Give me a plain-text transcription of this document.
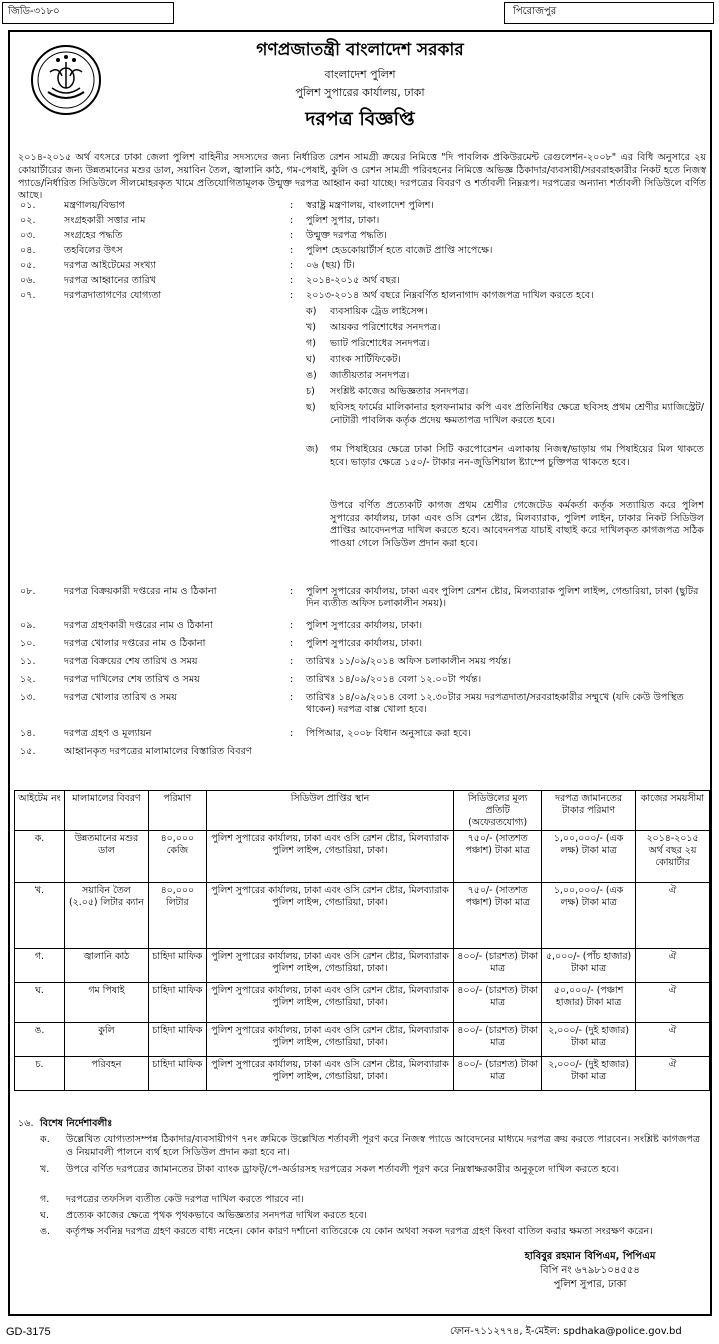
জিডি-৩১৮০	পিরোজপুর
গণপ্রজাতন্ত্রী বাংলাদেশ সরকার
বাংলাদেশ পুলিশ
পুলিশ সুপারের কার্যালয়, ঢাকা
দরপত্র বিজ্ঞপ্তি
২০১৪-২০১৫ অর্থ বৎসরে ঢাকা জেলা পুলিশ বাহিনীর সদস্যদের জন্য নির্ধারিত রেশন সামগ্রী ক্রয়ের নিমিত্তে "দি পাবলিক প্রকিউরমেন্ট রেগুলেশন-২০০৮" এর বিধি অনুসারে ২য় কোয়ার্টারের জন্য উন্নতমানের মশুর ডাল, সয়াবিন তৈল, জ্বালানি কাঠ, গম-পেষাই, কুলি ও রেশন সামগ্রী পরিবহনের নিমিত্তে অভিজ্ঞ ঠিকাদার/ব্যবসায়ী/সরবরাহকারীর নিকট হতে নিজস্ব প্যাডে/নির্ধারিত সিডিউলে সীলমোহরকৃত খামে প্রতিযোগিতামূলক উন্মুক্ত দরপত্র আহ্বান করা যাচ্ছে। দরপত্রের বিবরণ ও শর্তাবলী নিম্নরূপ। দরপত্রের অন্যান্য শর্তাবলী সিডিউলে বর্ণিত আছে।
০১.	মন্ত্রণালয়/বিভাগ	: স্বরাষ্ট্র মন্ত্রণালয়, বাংলাদেশ পুলিশ।
০২.	সংগ্রহকারী সত্তার নাম	: পুলিশ সুপার, ঢাকা।
০৩.	সংগ্রহের পদ্ধতি	: উন্মুক্ত দরপত্র পদ্ধতি।
০৪.	তহবিলের উৎস	: পুলিশ হেডকোয়ার্টার্স হতে বাজেট প্রাপ্তি সাপেক্ষে।
০৫.	দরপত্র আইটেমের সংখ্যা	: ০৬ (ছয়) টি।
০৬.	দরপত্র আহ্বানের তারিখ	: ২০১৪-২০১৫ অর্থ বছর।
০৭.	দরপত্রদাতাগণের যোগ্যতা	: ২০১৩-২০১৪ অর্থ বছরে নিম্নবর্ণিত হালনাগাদ কাগজপত্র দাখিল করতে হবে।
ক) ব্যবসায়িক ট্রেড লাইসেন্স।
খ) আয়কর পরিশোধের সনদপত্র।
গ) ভ্যাট পরিশোধের সনদপত্র।
ঘ) ব্যাংক সার্টিফিকেট।
ঙ) জাতীয়তার সনদপত্র।
চ) সংশ্লিষ্ট কাজের অভিজ্ঞতার সনদপত্র।
ছ) ছবিসহ ফার্মের মালিকানার হলফনামার কপি এবং প্রতিনিধির ক্ষেত্রে ছবিসহ প্রথম শ্রেণীর ম্যাজিস্ট্রেট/নোটারী পাবলিক কর্তৃক প্রদেয় ক্ষমতাপত্র দাখিল করতে হবে।
জ) গম পিষাইয়ের ক্ষেত্রে ঢাকা সিটি করপোরেশন এলাকায় নিজস্ব/ভাড়ায় গম পিষাইয়ের মিল থাকতে হবে। ভাড়ার ক্ষেত্রে ১৫০/- টাকার নন-জুডিশিয়াল ষ্ট্যাম্পে চুক্তিপত্র থাকতে হবে।
উপরে বর্ণিত প্রত্যেকটি কাগজ প্রথম শ্রেণীর গেজেটেড কর্মকর্তা কর্তৃক সত্যায়িত করে পুলিশ সুপারের কার্যালয়, ঢাকা এবং ওসি রেশন ষ্টোর, মিলব্যারাক, পুলিশ লাইন, ঢাকার নিকট সিডিউল প্রাপ্তির আবেদনপত্র দাখিল করতে হবে। আবেদনপত্র যাচাই বাছাই করে দাখিলকৃত কাগজপত্র সঠিক পাওয়া গেলে সিডিউল প্রদান করা হবে।
০৮.	দরপত্র বিক্রয়কারী দপ্তরের নাম ও ঠিকানা	: পুলিশ সুপারের কার্যালয়, ঢাকা এবং পুলিশ রেশন ষ্টোর, মিলব্যারাক পুলিশ লাইন্স, গেন্ডারিয়া, ঢাকা (ছুটির দিন ব্যতীত অফিস চলাকালীন সময়)।
০৯.	দরপত্র গ্রহণকারী দপ্তরের নাম ও ঠিকানা	: পুলিশ সুপারের কার্যালয়, ঢাকা।
১০.	দরপত্র খোলার দপ্তরের নাম ও ঠিকানা	: পুলিশ সুপারের কার্যালয়, ঢাকা।
১১.	দরপত্র বিক্রয়ের শেষ তারিখ ও সময়	: তারিখঃ ১১/০৯/২০১৪ অফিস চলাকালীন সময় পর্যন্ত।
১২.	দরপত্র দাখিলের শেষ তারিখ ও সময়	: তারিখঃ ১৪/০৯/২০১৪ বেলা ১২.০০টা পর্যন্ত।
১৩.	দরপত্র খোলার তারিখ ও সময়	: তারিখঃ ১৪/০৯/২০১৪ বেলা ১২.৩০টার সময় দরপত্রদাতা/সরবরাহকারীর সম্মুখে (যদি কেউ উপস্থিত থাকেন) দরপত্র বাক্স খোলা হবে।
১৪.	দরপত্র গ্রহণ ও মূল্যায়ন	: পিপিআর, ২০০৮ বিধান অনুসারে করা হবে।
১৫.	আহ্বানকৃত দরপত্রের মালামালের বিস্তারিত বিবরণ
আইটেম নং	মালামালের বিবরণ	পরিমাণ	সিডিউল প্রাপ্তির স্থান	সিডিউলের মূল্য প্রতিটি (অফেরতযোগ্য)	দরপত্র জামানতের টাকার পরিমাণ	কাজের সময়সীমা
ক.	উন্নতমানের মশুর ডাল	৪০,০০০ কেজি	পুলিশ সুপারের কার্যালয়, ঢাকা এবং ওসি রেশন ষ্টোর, মিলব্যারাক পুলিশ লাইন্স, গেন্ডারিয়া, ঢাকা।	৭৫০/- (সাতশত পঞ্চাশ) টাকা মাত্র	১,০০,০০০/- (এক লক্ষ) টাকা মাত্র	২০১৪-২০১৫ অর্থ বছর ২য় কোয়ার্টার
খ.	সয়াবিন তৈল (২.০৫) লিটার ক্যান	৪০,০০০ লিটার	পুলিশ সুপারের কার্যালয়, ঢাকা এবং ওসি রেশন ষ্টোর, মিলব্যারাক পুলিশ লাইন্স, গেন্ডারিয়া, ঢাকা।	৭৫০/- (সাতশত পঞ্চাশ) টাকা মাত্র	১,০০,০০০/- (এক লক্ষ) টাকা মাত্র	ঐ
গ.	জ্বালানি কাঠ	চাহিদা মাফিক	পুলিশ সুপারের কার্যালয়, ঢাকা এবং ওসি রেশন ষ্টোর, মিলব্যারাক পুলিশ লাইন্স, গেন্ডারিয়া, ঢাকা।	৪০০/- (চারশত) টাকা মাত্র	৫,০০০/- (পাঁচ হাজার) টাকা মাত্র	ঐ
ঘ.	গম পিষাই	চাহিদা মাফিক	পুলিশ সুপারের কার্যালয়, ঢাকা এবং ওসি রেশন ষ্টোর, মিলব্যারাক পুলিশ লাইন্স, গেন্ডারিয়া, ঢাকা।	৪০০/- (চারশত) টাকা মাত্র	৫০,০০০/- (পঞ্চাশ হাজার) টাকা মাত্র	ঐ
ঙ.	কুলি	চাহিদা মাফিক	পুলিশ সুপারের কার্যালয়, ঢাকা এবং ওসি রেশন ষ্টোর, মিলব্যারাক পুলিশ লাইন্স, গেন্ডারিয়া, ঢাকা।	৪০০/- (চারশত) টাকা মাত্র	২,০০০/- (দুই হাজার) টাকা মাত্র	ঐ
চ.	পরিবহন	চাহিদা মাফিক	পুলিশ সুপারের কার্যালয়, ঢাকা এবং ওসি রেশন ষ্টোর, মিলব্যারাক পুলিশ লাইন্স, গেন্ডারিয়া, ঢাকা।	৪০০/- (চারশত) টাকা মাত্র	২,০০০/- (দুই হাজার) টাকা মাত্র	ঐ
১৬. বিশেষ নির্দেশাবলীঃ
ক. উল্লেখিত যোগ্যতাসম্পন্ন ঠিকাদার/ব্যবসায়ীগণ ৭নং ক্রমিকে উল্লেখিত শর্তাবলী পূরণ করে নিজস্ব প্যাডে আবেদনের মাধ্যমে দরপত্র ক্রয় করতে পারবেন। সংশ্লিষ্ট কাগজপত্র ও নিয়মাবলী পালনে ব্যর্থ হলে সিডিউল প্রদান করা হবে না।
খ. উপরে বর্ণিত দরপত্রের জামানতের টাকা ব্যাংক ড্রাফট্/পে-অর্ডারসহ দরপত্রের সকল শর্তাবলী পূরণ করে নিম্নস্বাক্ষরকারীর অনুকূলে দাখিল করতে হবে।
গ. দরপত্রের তফসিল ব্যতীত কেউ দরপত্র দাখিল করতে পারবে না।
ঘ. প্রত্যেক কাজের ক্ষেত্রে পৃথক পৃথকভাবে অভিজ্ঞতার সনদপত্র দাখিল করতে হবে।
ঙ. কর্তৃপক্ষ সর্বনিম্ন দরপত্র গ্রহণ করতে বাধ্য নহেন। কোন কারণ দর্শানো ব্যতিরেকে যে কোন অথবা সকল দরপত্র গ্রহণ কিংবা বাতিল করার ক্ষমতা সংরক্ষণ করেন।
হাবিবুর রহমান বিপিএম, পিপিএম
বিপি নং ৬৭৯৮১০৪৫৫৪
পুলিশ সুপার, ঢাকা
GD-3175	ফোন-৭১১২৭৭৪, ই-মেইল: spdhaka@police.gov.bd
